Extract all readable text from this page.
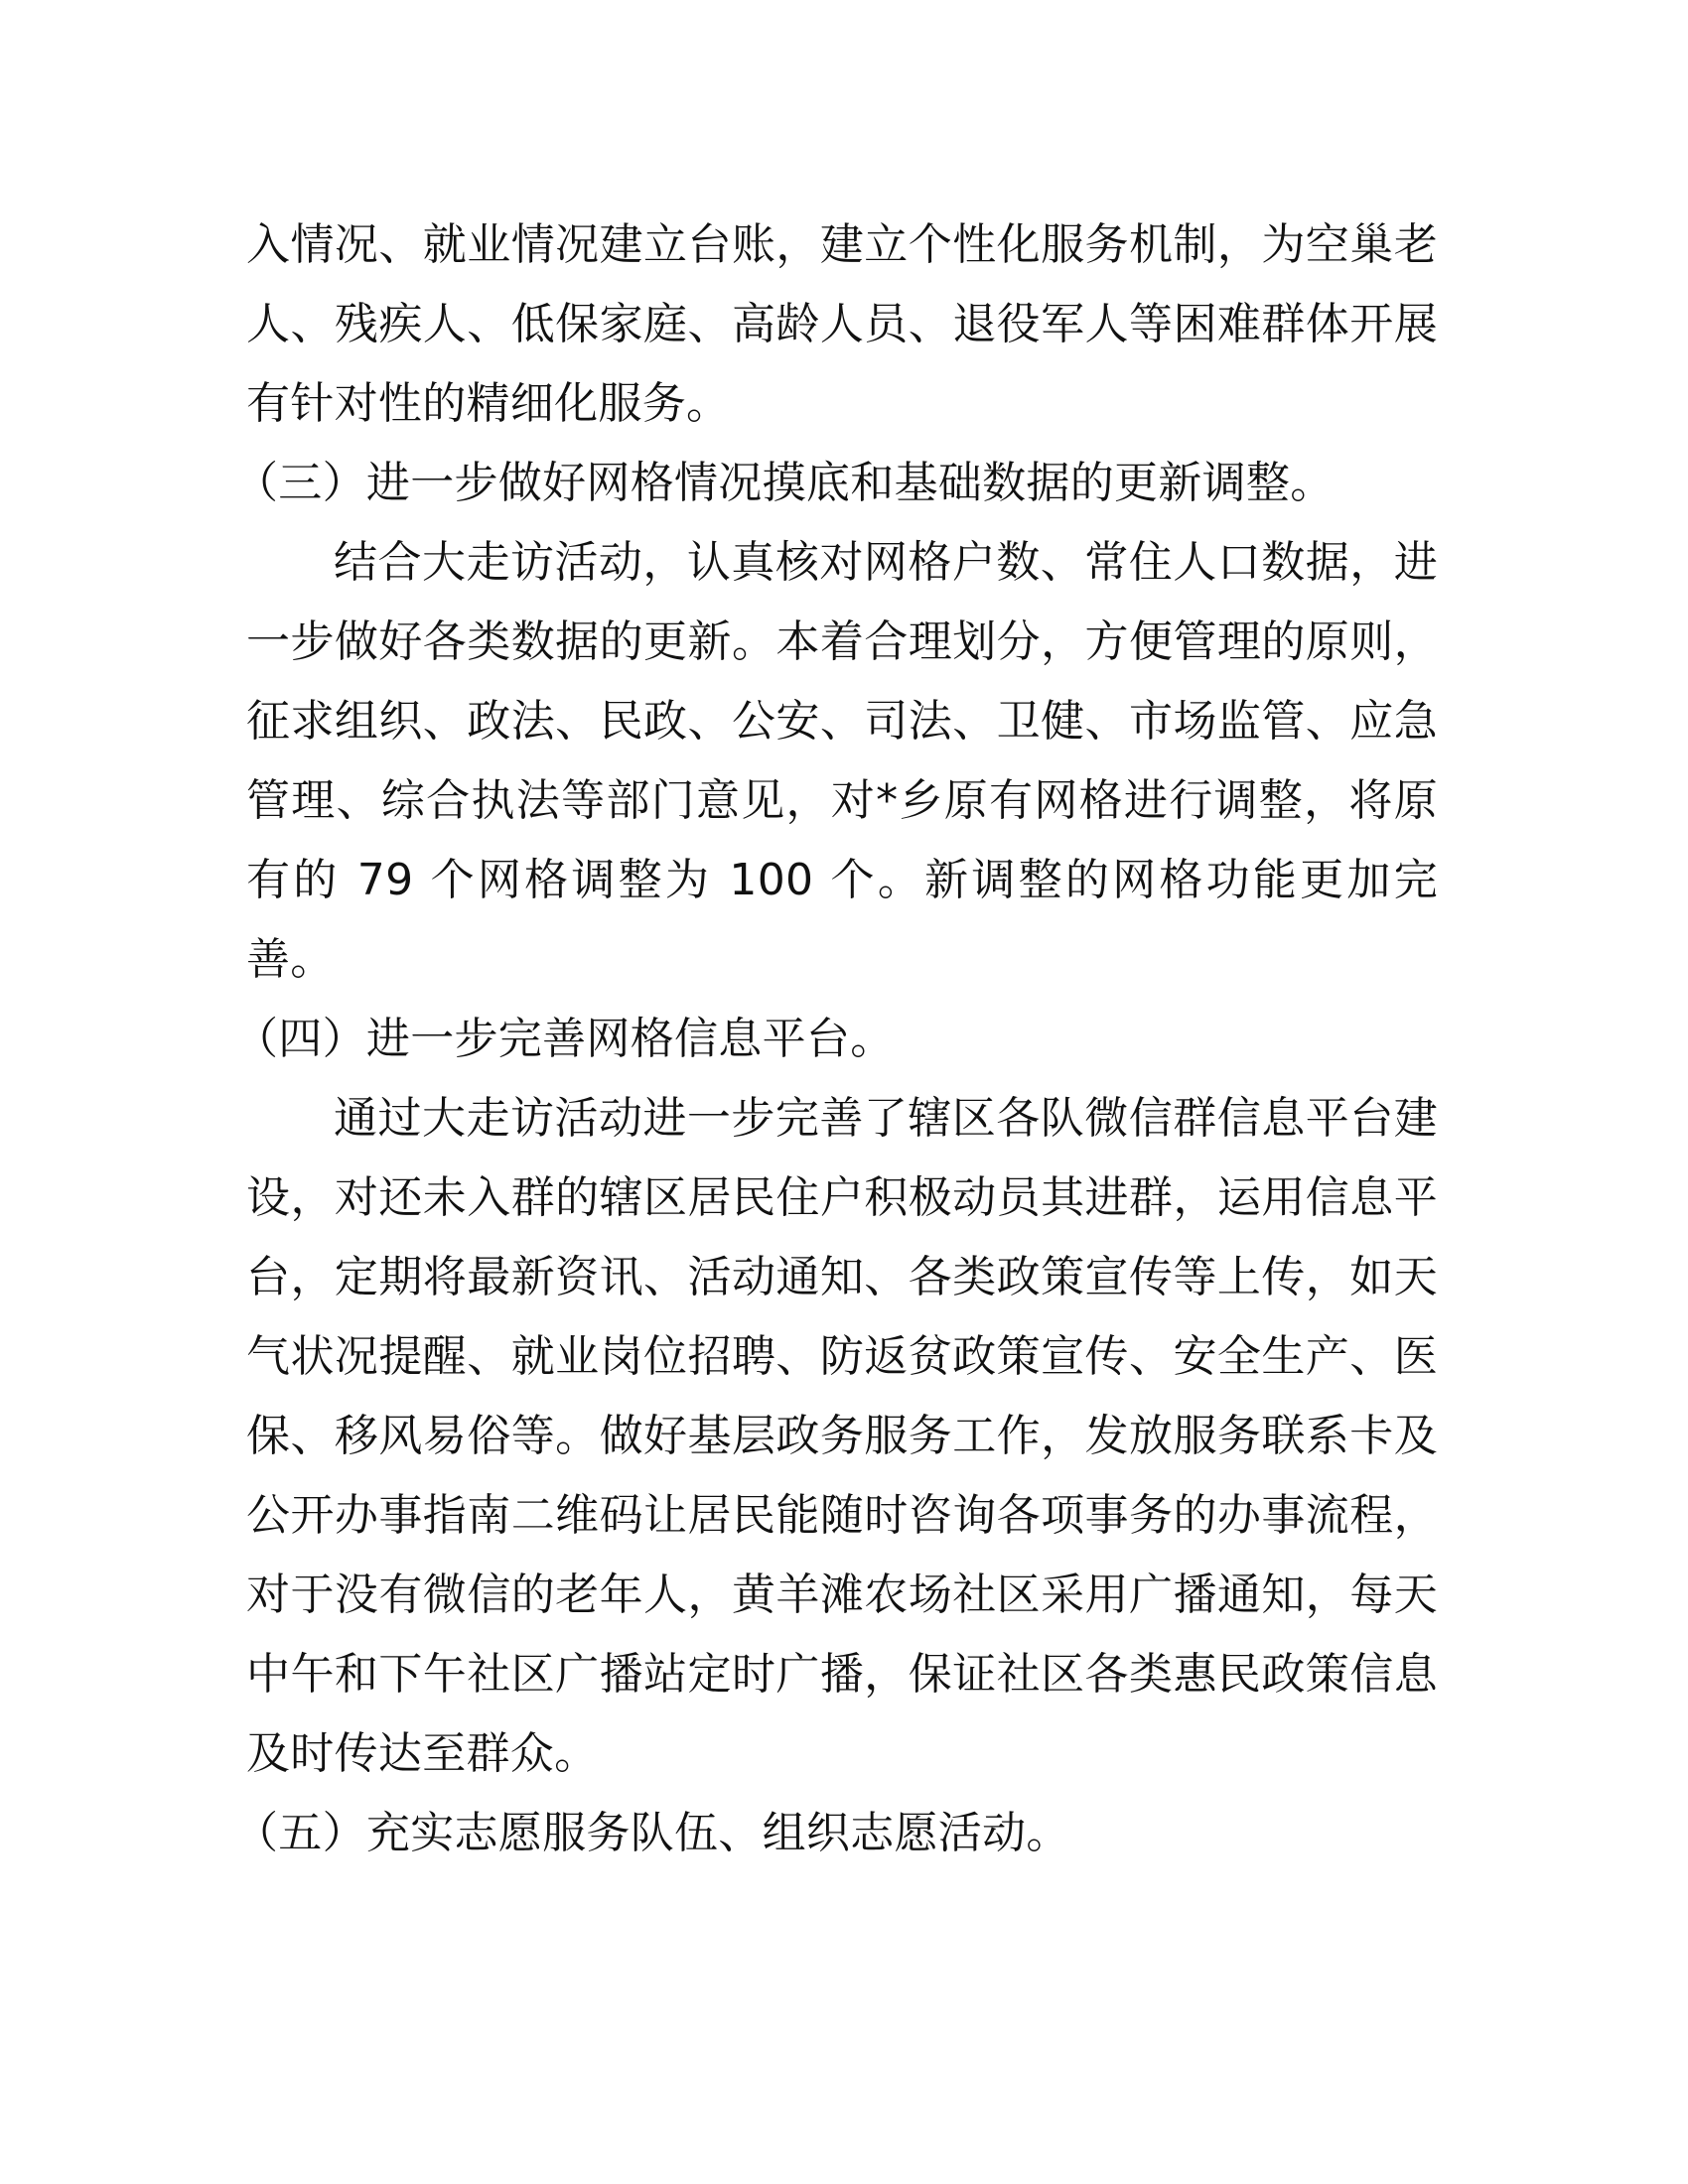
入情况、就业情况建立台账，建立个性化服务机制，为空巢老人、残疾人、低保家庭、高龄人员、退役军人等困难群体开展有针对性的精细化服务。

（三）进一步做好网格情况摸底和基础数据的更新调整。

结合大走访活动，认真核对网格户数、常住人口数据，进一步做好各类数据的更新。本着合理划分，方便管理的原则，征求组织、政法、民政、公安、司法、卫健、市场监管、应急管理、综合执法等部门意见，对*乡原有网格进行调整，将原有的 79 个网格调整为 100 个。新调整的网格功能更加完善。

（四）进一步完善网格信息平台。

通过大走访活动进一步完善了辖区各队微信群信息平台建设，对还未入群的辖区居民住户积极动员其进群，运用信息平台，定期将最新资讯、活动通知、各类政策宣传等上传，如天气状况提醒、就业岗位招聘、防返贫政策宣传、安全生产、医保、移风易俗等。做好基层政务服务工作，发放服务联系卡及公开办事指南二维码让居民能随时咨询各项事务的办事流程，对于没有微信的老年人，黄羊滩农场社区采用广播通知，每天中午和下午社区广播站定时广播，保证社区各类惠民政策信息及时传达至群众。

（五）充实志愿服务队伍、组织志愿活动。
